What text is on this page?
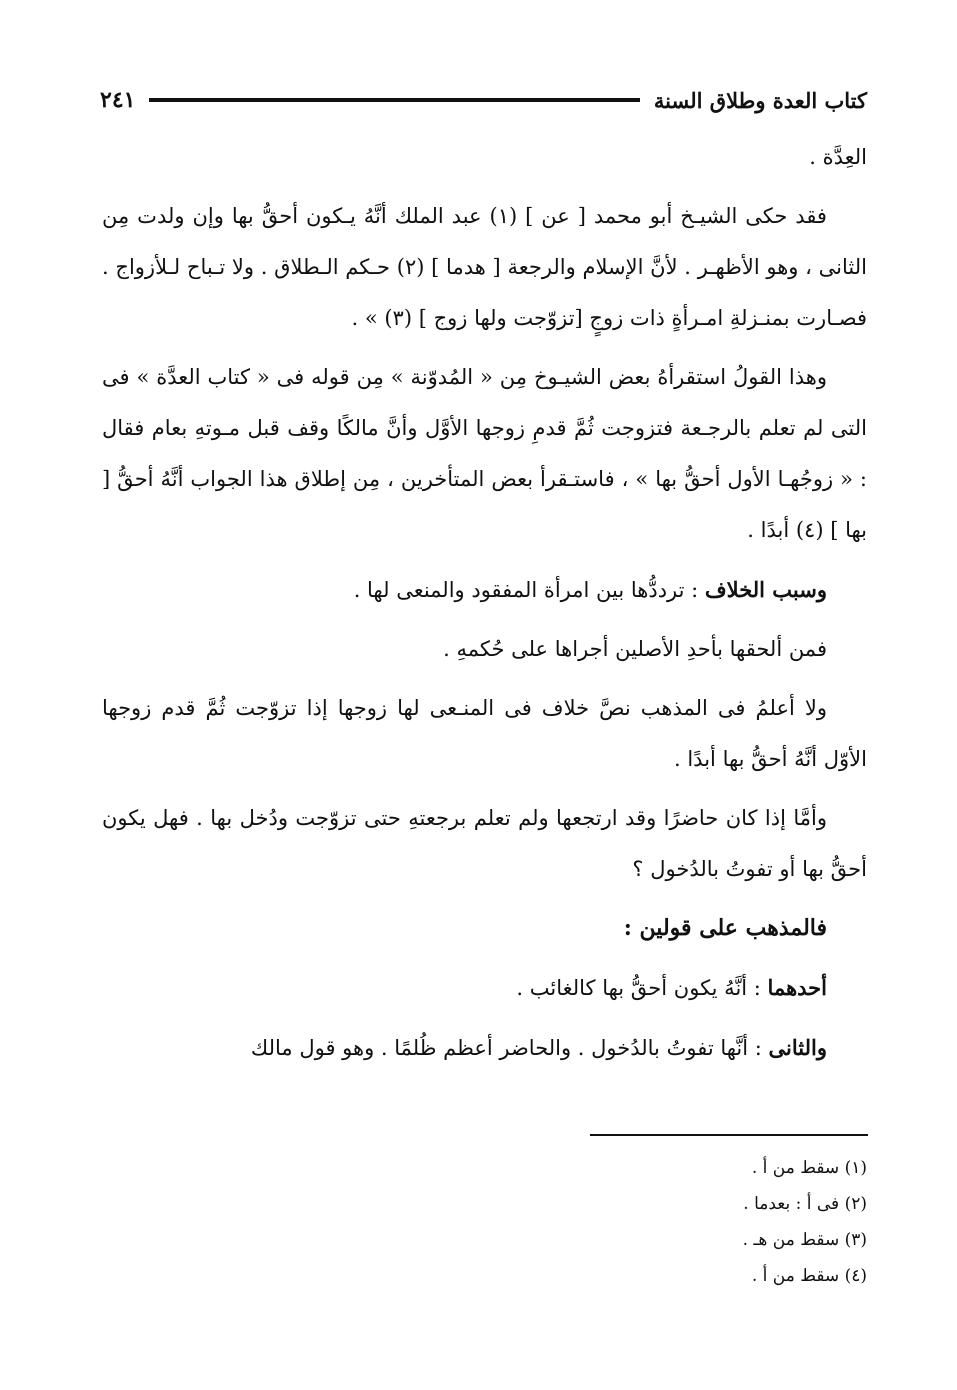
كتاب العدة وطلاق السنة
٢٤١

العِدَّة .

فقد حكى الشيـخ أبو محمد [ عن ] (١) عبد الملك أنَّهُ يـكون أحقُّ بها وإن ولدت مِن الثانى ، وهو الأظهـر . لأنَّ الإسلام والرجعة [ هدما ] (٢) حـكم الـطلاق . ولا تـباح لـلأزواج . فصـارت بمنـزلةِ امـرأةٍ ذات زوجٍ [تزوّجت ولها زوج ] (٣) » .

وهذا القولُ استقرأهُ بعض الشيـوخ مِن « المُدوّنة » مِن قوله فى « كتاب العدَّة » فى التى لم تعلم بالرجـعة فتزوجت ثُمَّ قدمِ زوجها الأوَّل وأنَّ مالكًا وقف قبل مـوتهِ بعام فقال : « زوجُهـا الأول أحقُّ بها » ، فاستـقرأ بعض المتأخرين ، مِن إطلاق هذا الجواب أنَّهُ أحقُّ [ بها ] (٤) أبدًا .

وسبب الخلاف : ترددُّها بين امرأة المفقود والمنعى لها .

فمن ألحقها بأحدِ الأصلين أجراها على حُكمهِ .

ولا أعلمُ فى المذهب نصَّ خلاف فى المنـعى لها زوجها إذا تزوّجت ثُمَّ قدم زوجها الأوّل أنَّهُ أحقُّ بها أبدًا .

وأمَّا إذا كان حاضرًا وقد ارتجعها ولم تعلم برجعتهِ حتى تزوّجت ودُخل بها . فهل يكون أحقُّ بها أو تفوتُ بالدُخول ؟

فالمذهب على قولين :

أحدهما : أنَّهُ يكون أحقُّ بها كالغائب .

والثانى : أنَّها تفوتُ بالدُخول . والحاضر أعظم ظُلمًا . وهو قول مالك

(١) سقط من أ .
(٢) فى أ : بعدما .
(٣) سقط من هـ .
(٤) سقط من أ .
